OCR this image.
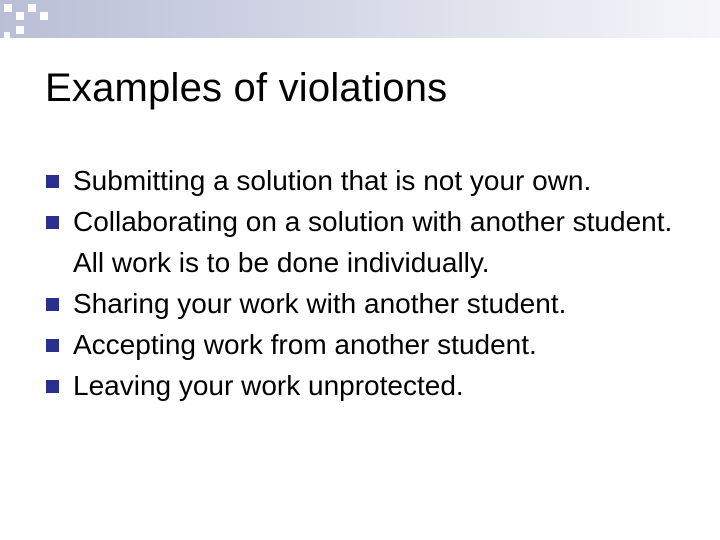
Examples of violations
Submitting a solution that is not your own.
Collaborating on a solution with another student.  All work is to be done individually.
Sharing your work with another student.
Accepting work from another student.
Leaving your work unprotected.
